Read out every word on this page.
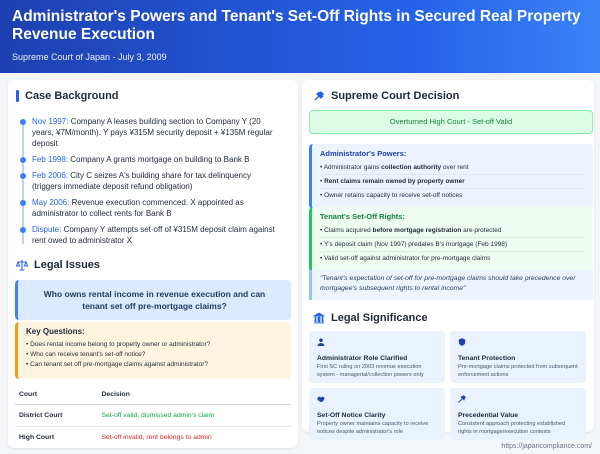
Administrator's Powers and Tenant's Set-Off Rights in Secured Real Property Revenue Execution
Supreme Court of Japan - July 3, 2009
Case Background
Nov 1997: Company A leases building section to Company Y (20 years, ¥7M/month). Y pays ¥315M security deposit + ¥135M regular deposit
Feb 1998: Company A grants mortgage on building to Bank B
Feb 2006: City C seizes A's building share for tax delinquency (triggers immediate deposit refund obligation)
May 2006: Revenue execution commenced. X appointed as administrator to collect rents for Bank B
Dispute: Company Y attempts set-off of ¥315M deposit claim against rent owed to administrator X
Legal Issues
Who owns rental income in revenue execution and can tenant set off pre-mortgage claims?
Key Questions:
• Does rental income belong to property owner or administrator?
• Who can receive tenant's set-off notice?
• Can tenant set off pre-mortgage claims against administrator?
Court	Decision
District Court	Set-off valid, dismissed admin's claim
High Court	Set-off invalid, rent belongs to admin
Supreme Court Decision
Overturned High Court - Set-off Valid
Administrator's Powers:
• Administrator gains collection authority over rent
• Rent claims remain owned by property owner
• Owner retains capacity to receive set-off notices
Tenant's Set-Off Rights:
• Claims acquired before mortgage registration are protected
• Y's deposit claim (Nov 1997) predates B's mortgage (Feb 1998)
• Valid set-off against administrator for pre-mortgage claims
"Tenant's expectation of set-off for pre-mortgage claims should take precedence over mortgagee's subsequent rights to rental income"
Legal Significance
Administrator Role Clarified
First SC ruling on 2003 revenue execution system - managerial/collection powers only
Tenant Protection
Pre-mortgage claims protected from subsequent enforcement actions
Set-Off Notice Clarity
Property owner maintains capacity to receive notices despite administrator's role
Precedential Value
Consistent approach protecting established rights in mortgage/execution contexts
https://japancompliance.com/
